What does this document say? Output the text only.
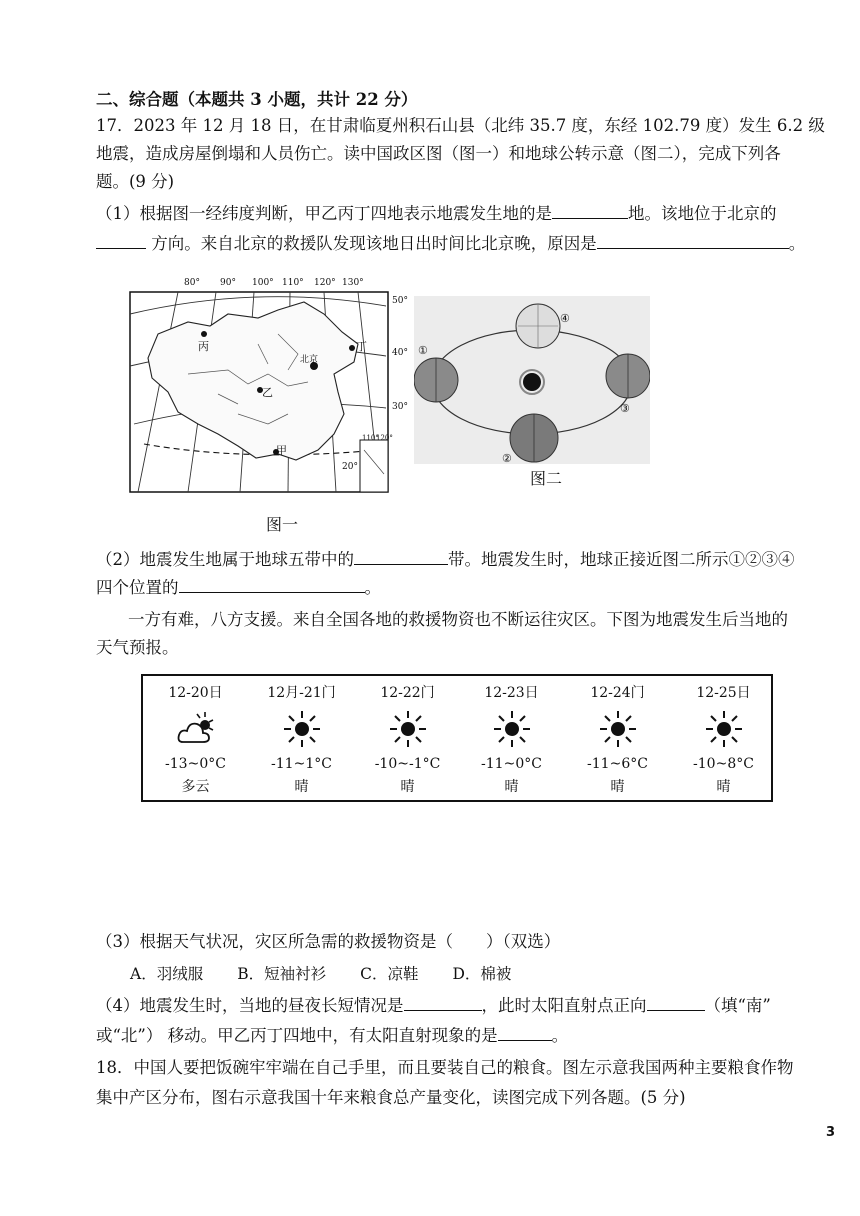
二、综合题（本题共 3 小题，共计 22 分）
17．2023 年 12 月 18 日，在甘肃临夏州积石山县（北纬 35.7 度，东经 102.79 度）发生 6.2 级
地震，造成房屋倒塌和人员伤亡。读中国政区图（图一）和地球公转示意（图二），完成下列各
题。(9 分)
（1）根据图一经纬度判断，甲乙丙丁四地表示地震发生地的是	地。该地位于北京的
方向。来自北京的救援队发现该地日出时间比北京晚，原因是	。
80° 90° 100° 110° 120° 130°
50°
40°
30°
20°
丙
乙
甲
丁
北京
110°
120°
图一
①
②
③
④
图二
（2）地震发生地属于地球五带中的	带。地震发生时，地球正接近图二所示①②③④
四个位置的	。
一方有难，八方支援。来自全国各地的救援物资也不断运往灾区。下图为地震发生后当地的
天气预报。
12-20日
-13~0°C
多云
12月-21门
-11~1°C
晴
12-22门
-10~-1°C
晴
12-23日
-11~0°C
晴
12-24门
-11~6°C
晴
12-25日
-10~8°C
晴
（3）根据天气状况，灾区所急需的救援物资是（　　）（双选）
A．羽绒服 B．短袖衬衫 C．凉鞋 D．棉被
（4）地震发生时，当地的昼夜长短情况是	，此时太阳直射点正向	（填“南”
或“北”） 移动。甲乙丙丁四地中，有太阳直射现象的是	。
18．中国人要把饭碗牢牢端在自己手里，而且要装自己的粮食。图左示意我国两种主要粮食作物
集中产区分布，图右示意我国十年来粮食总产量变化，读图完成下列各题。(5 分)
3
